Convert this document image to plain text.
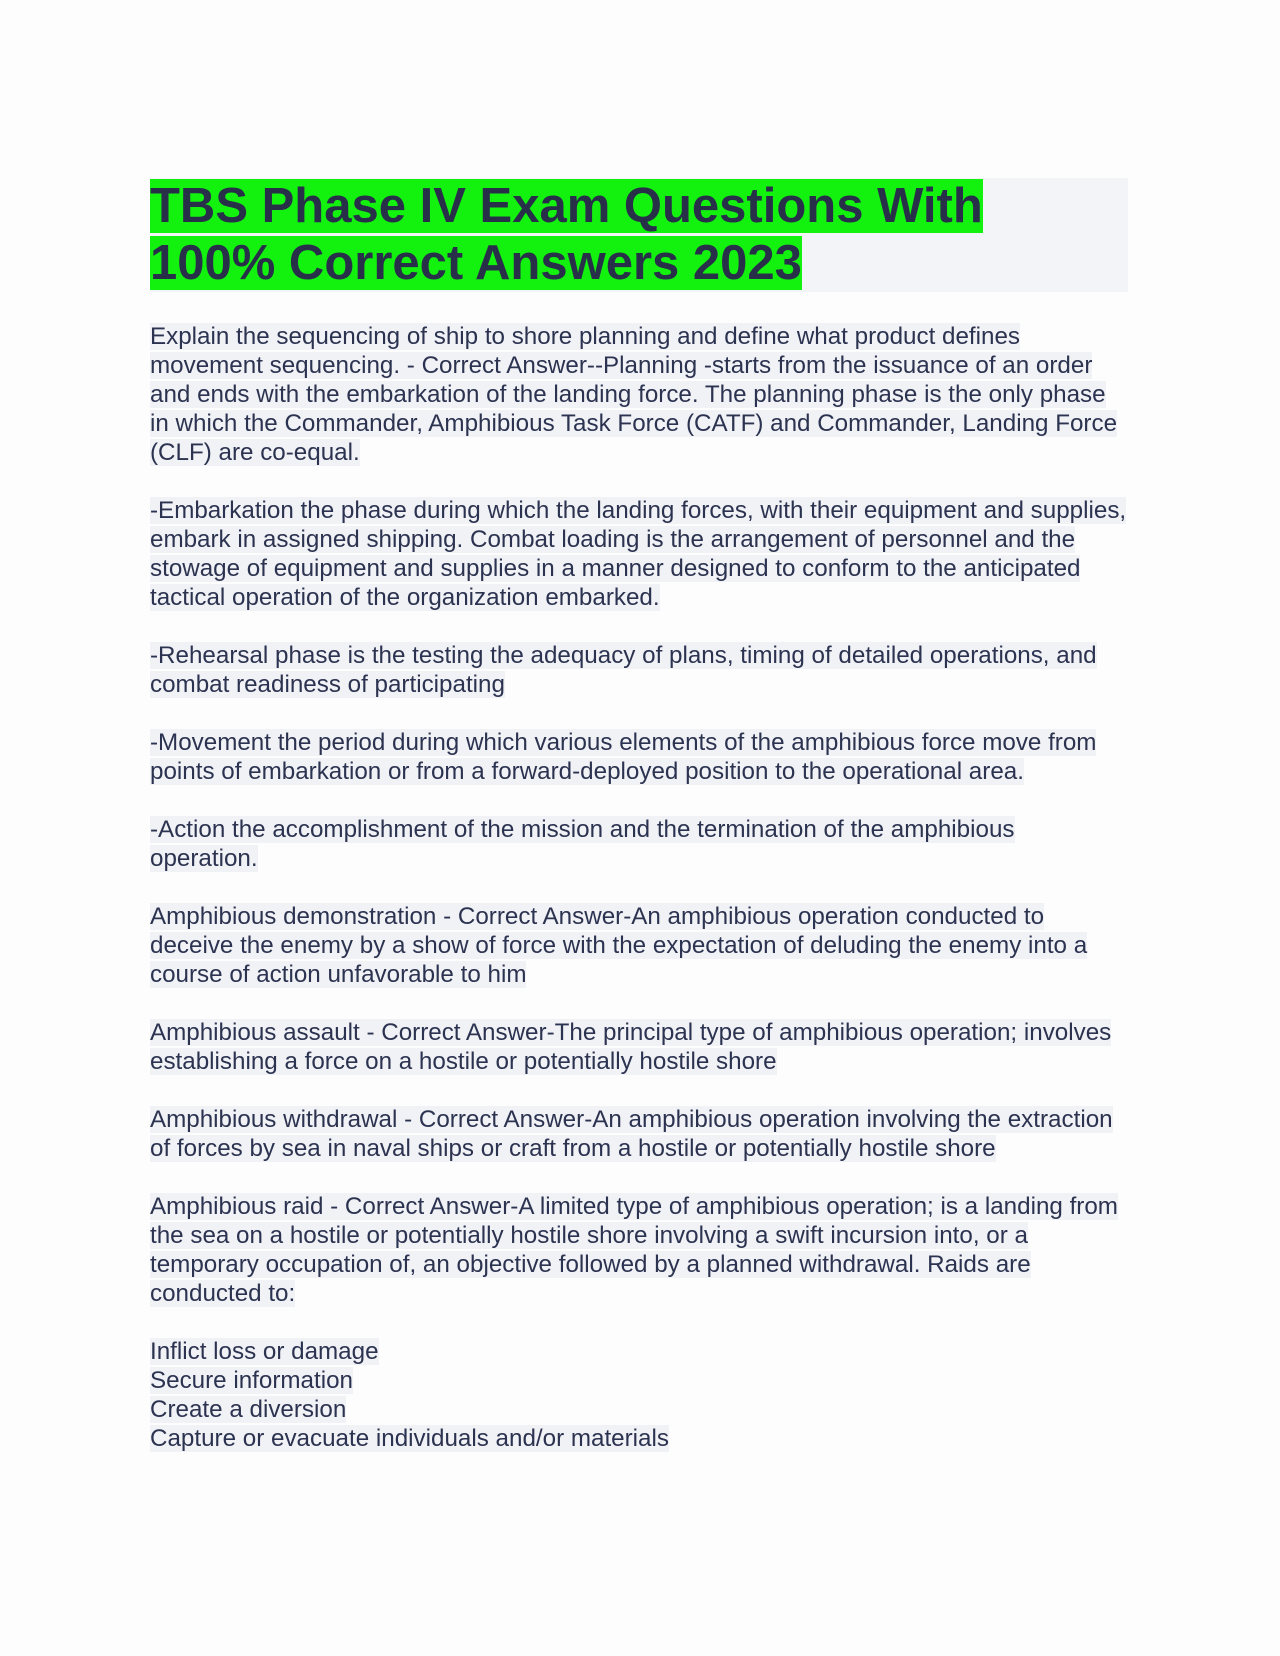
TBS Phase IV Exam Questions With
100% Correct Answers 2023

Explain the sequencing of ship to shore planning and define what product defines movement sequencing. - Correct Answer--Planning -starts from the issuance of an order and ends with the embarkation of the landing force. The planning phase is the only phase in which the Commander, Amphibious Task Force (CATF) and Commander, Landing Force (CLF) are co-equal.

-Embarkation the phase during which the landing forces, with their equipment and supplies, embark in assigned shipping. Combat loading is the arrangement of personnel and the stowage of equipment and supplies in a manner designed to conform to the anticipated tactical operation of the organization embarked.

-Rehearsal phase is the testing the adequacy of plans, timing of detailed operations, and combat readiness of participating

-Movement the period during which various elements of the amphibious force move from points of embarkation or from a forward-deployed position to the operational area.

-Action the accomplishment of the mission and the termination of the amphibious operation.

Amphibious demonstration - Correct Answer-An amphibious operation conducted to deceive the enemy by a show of force with the expectation of deluding the enemy into a course of action unfavorable to him

Amphibious assault - Correct Answer-The principal type of amphibious operation; involves establishing a force on a hostile or potentially hostile shore

Amphibious withdrawal - Correct Answer-An amphibious operation involving the extraction of forces by sea in naval ships or craft from a hostile or potentially hostile shore

Amphibious raid - Correct Answer-A limited type of amphibious operation; is a landing from the sea on a hostile or potentially hostile shore involving a swift incursion into, or a temporary occupation of, an objective followed by a planned withdrawal. Raids are conducted to:

Inflict loss or damage
Secure information
Create a diversion
Capture or evacuate individuals and/or materials
